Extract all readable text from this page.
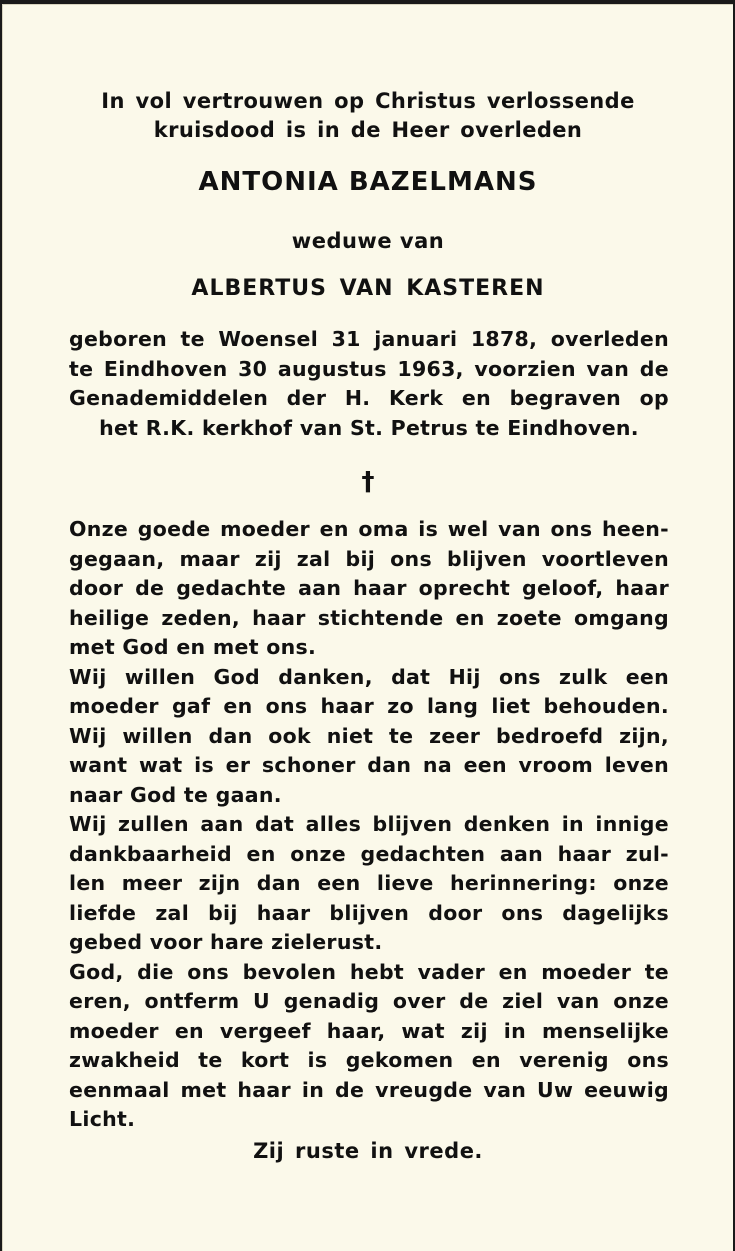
In vol vertrouwen op Christus verlossende
kruisdood is in de Heer overleden
ANTONIA BAZELMANS
weduwe van
ALBERTUS VAN KASTEREN

geboren te Woensel 31 januari 1878, overleden

te Eindhoven 30 augustus 1963, voorzien van de

Genademiddelen der H. Kerk en begraven op

het R.K. kerkhof van St. Petrus te Eindhoven.

†

Onze goede moeder en oma is wel van ons heen-

gegaan, maar zij zal bij ons blijven voortleven

door de gedachte aan haar oprecht geloof, haar

heilige zeden, haar stichtende en zoete omgang

met God en met ons.

Wij willen God danken, dat Hij ons zulk een

moeder gaf en ons haar zo lang liet behouden.

Wij willen dan ook niet te zeer bedroefd zijn,

want wat is er schoner dan na een vroom leven

naar God te gaan.

Wij zullen aan dat alles blijven denken in innige

dankbaarheid en onze gedachten aan haar zul-

len meer zijn dan een lieve herinnering: onze

liefde zal bij haar blijven door ons dagelijks

gebed voor hare zielerust.

God, die ons bevolen hebt vader en moeder te

eren, ontferm U genadig over de ziel van onze

moeder en vergeef haar, wat zij in menselijke

zwakheid te kort is gekomen en verenig ons

eenmaal met haar in de vreugde van Uw eeuwig

Licht.

Zij ruste in vrede.
